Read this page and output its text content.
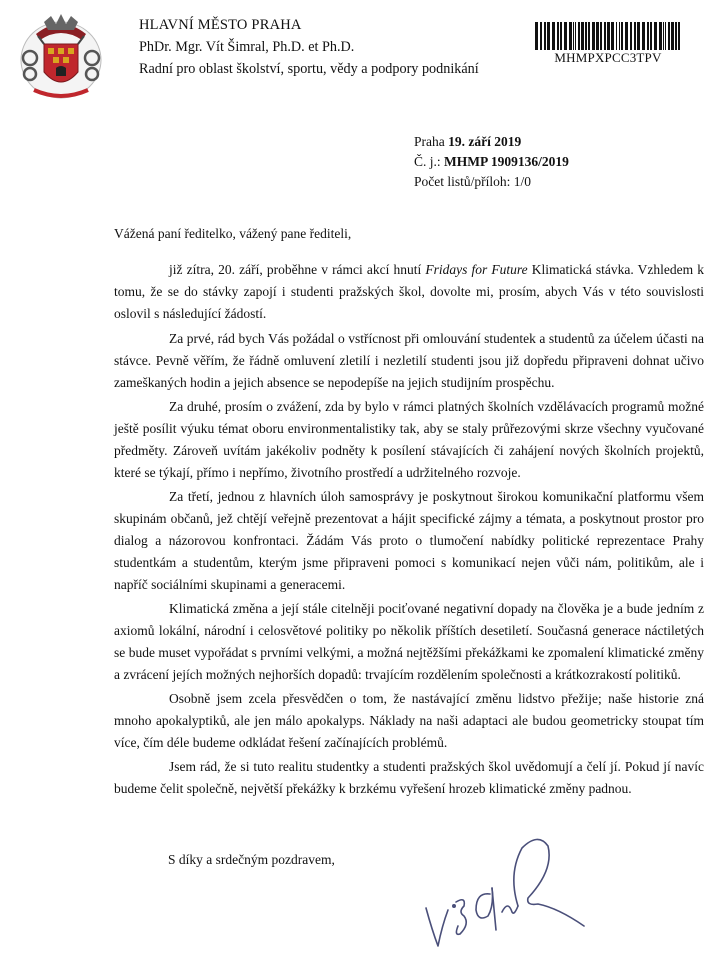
HLAVNÍ MĚSTO PRAHA
PhDr. Mgr. Vít Šimral, Ph.D. et Ph.D.
Radní pro oblast školství, sportu, vědy a podpory podnikání
MHMPXPCC3TPV
Praha 19. září 2019
Č. j.: MHMP 1909136/2019
Počet listů/příloh: 1/0
Vážená paní ředitelko, vážený pane řediteli,

již zítra, 20. září, proběhne v rámci akcí hnutí Fridays for Future Klimatická stávka. Vzhledem k tomu, že se do stávky zapojí i studenti pražských škol, dovolte mi, prosím, abych Vás v této souvislosti oslovil s následující žádostí.

Za prvé, rád bych Vás požádal o vstřícnost při omlouvání studentek a studentů za účelem účasti na stávce. Pevně věřím, že řádně omluvení zletilí i nezletilí studenti jsou již dopředu připraveni dohnat učivo zameškaných hodin a jejich absence se nepodepíše na jejich studijním prospěchu.

Za druhé, prosím o zvážení, zda by bylo v rámci platných školních vzdělávacích programů možné ještě posílit výuku témat oboru environmentalistiky tak, aby se staly průřezovými skrze všechny vyučované předměty. Zároveň uvítám jakékoliv podněty k posílení stávajících či zahájení nových školních projektů, které se týkají, přímo i nepřímo, životního prostředí a udržitelného rozvoje.

Za třetí, jednou z hlavních úloh samosprávy je poskytnout širokou komunikační platformu všem skupinám občanů, jež chtějí veřejně prezentovat a hájit specifické zájmy a témata, a poskytnout prostor pro dialog a názorovou konfrontaci. Žádám Vás proto o tlumočení nabídky politické reprezentace Prahy studentkám a studentům, kterým jsme připraveni pomoci s komunikací nejen vůči nám, politikům, ale i napříč sociálními skupinami a generacemi.

Klimatická změna a její stále citelněji pociťované negativní dopady na člověka je a bude jedním z axiomů lokální, národní i celosvětové politiky po několik příštích desetiletí. Současná generace náctiletých se bude muset vypořádat s prvními velkými, a možná nejtěžšími překážkami ke zpomalení klimatické změny a zvrácení jejích možných nejhorších dopadů: trvajícím rozdělením společnosti a krátkozrakostí politiků.

Osobně jsem zcela přesvědčen o tom, že nastávající změnu lidstvo přežije; naše historie zná mnoho apokalyptiků, ale jen málo apokalyps. Náklady na naši adaptaci ale budou geometricky stoupat tím více, čím déle budeme odkládat řešení začínajících problémů.

Jsem rád, že si tuto realitu studentky a studenti pražských škol uvědomují a čelí jí. Pokud jí navíc budeme čelit společně, největší překážky k brzkému vyřešení hrozeb klimatické změny padnou.

S díky a srdečným pozdravem,
